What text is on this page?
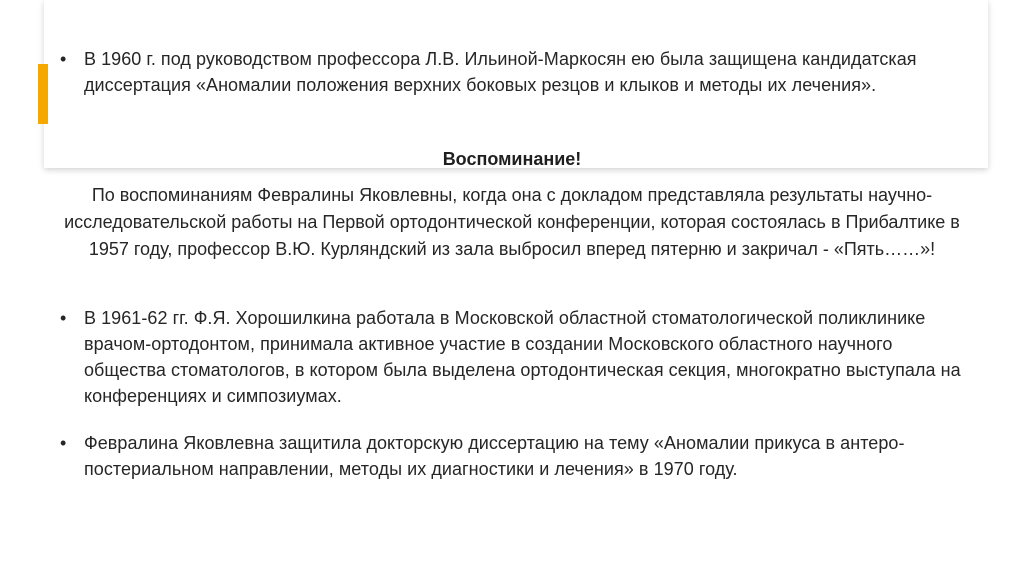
• В 1960 г. под руководством профессора Л.В. Ильиной-Маркосян ею была защищена кандидатская диссертация «Аномалии положения верхних боковых резцов и клыков и методы их лечения».
Воспоминание!
По воспоминаниям Февралины Яковлевны, когда она с докладом представляла результаты научно-исследовательской работы на Первой ортодонтической конференции, которая состоялась в Прибалтике в 1957 году, профессор В.Ю. Курляндский из зала выбросил вперед пятерню и закричал - «Пять……»!
• В 1961-62 гг. Ф.Я. Хорошилкина работала в Московской областной стоматологической поликлинике врачом-ортодонтом, принимала активное участие в создании Московского областного научного общества стоматологов, в котором была выделена ортодонтическая секция, многократно выступала на конференциях и симпозиумах.
• Февралина Яковлевна защитила докторскую диссертацию на тему «Аномалии прикуса в антеро-постериальном направлении, методы их диагностики и лечения» в 1970 году.
